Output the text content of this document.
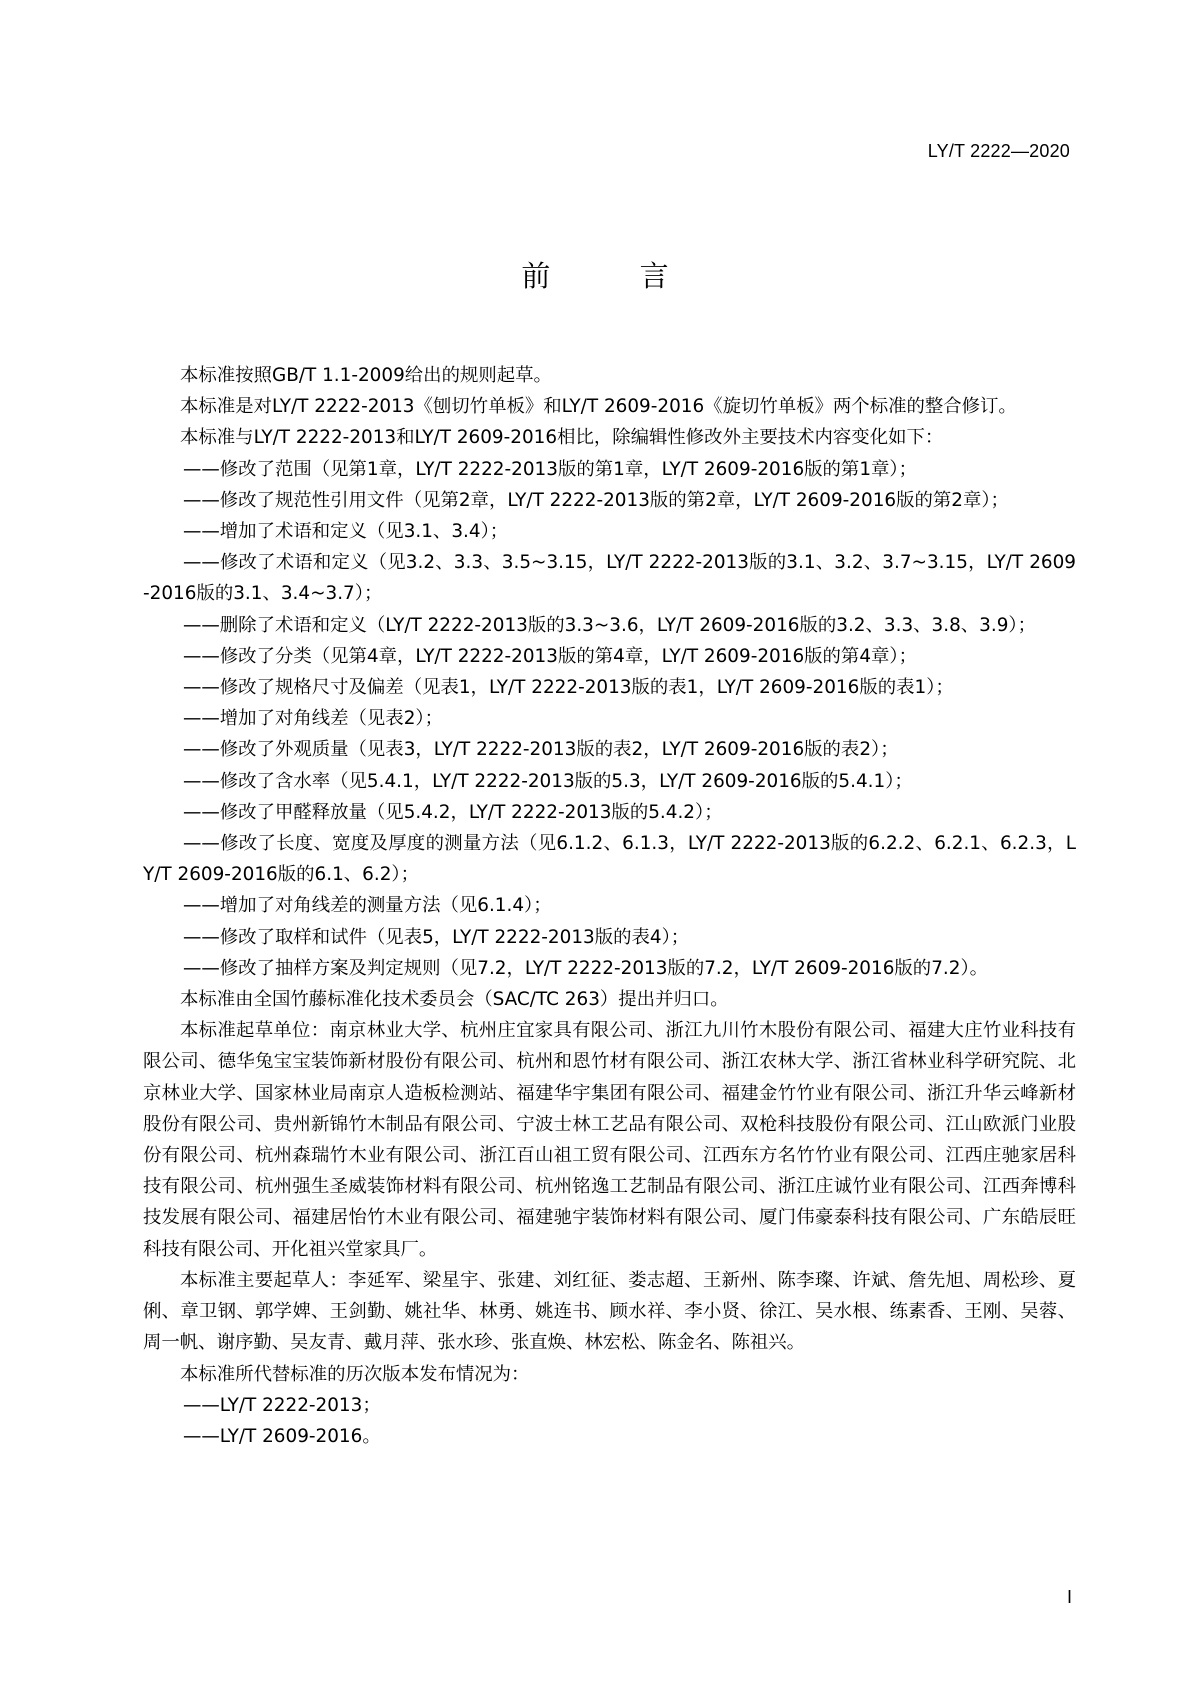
LY/T 2222—2020
前 言

本标准按照GB/T 1.1-2009给出的规则起草。

本标准是对LY/T 2222-2013《刨切竹单板》和LY/T 2609-2016《旋切竹单板》两个标准的整合修订。

本标准与LY/T 2222-2013和LY/T 2609-2016相比，除编辑性修改外主要技术内容变化如下：

——修改了范围（见第1章，LY/T 2222-2013版的第1章，LY/T 2609-2016版的第1章）；

——修改了规范性引用文件（见第2章，LY/T 2222-2013版的第2章，LY/T 2609-2016版的第2章）；

——增加了术语和定义（见3.1、3.4）；

——修改了术语和定义（见3.2、3.3、3.5~3.15，LY/T 2222-2013版的3.1、3.2、3.7~3.15，LY/T 2609-2016版的3.1、3.4~3.7）；

——删除了术语和定义（LY/T 2222-2013版的3.3~3.6，LY/T 2609-2016版的3.2、3.3、3.8、3.9）；

——修改了分类（见第4章，LY/T 2222-2013版的第4章，LY/T 2609-2016版的第4章）；

——修改了规格尺寸及偏差（见表1，LY/T 2222-2013版的表1，LY/T 2609-2016版的表1）；

——增加了对角线差（见表2）；

——修改了外观质量（见表3，LY/T 2222-2013版的表2，LY/T 2609-2016版的表2）；

——修改了含水率（见5.4.1，LY/T 2222-2013版的5.3，LY/T 2609-2016版的5.4.1）；

——修改了甲醛释放量（见5.4.2，LY/T 2222-2013版的5.4.2）；

——修改了长度、宽度及厚度的测量方法（见6.1.2、6.1.3，LY/T 2222-2013版的6.2.2、6.2.1、6.2.3，LY/T 2609-2016版的6.1、6.2）；

——增加了对角线差的测量方法（见6.1.4）；

——修改了取样和试件（见表5，LY/T 2222-2013版的表4）；

——修改了抽样方案及判定规则（见7.2，LY/T 2222-2013版的7.2，LY/T 2609-2016版的7.2）。

本标准由全国竹藤标准化技术委员会（SAC/TC 263）提出并归口。

本标准起草单位：南京林业大学、杭州庄宜家具有限公司、浙江九川竹木股份有限公司、福建大庄竹业科技有限公司、德华兔宝宝装饰新材股份有限公司、杭州和恩竹材有限公司、浙江农林大学、浙江省林业科学研究院、北京林业大学、国家林业局南京人造板检测站、福建华宇集团有限公司、福建金竹竹业有限公司、浙江升华云峰新材股份有限公司、贵州新锦竹木制品有限公司、宁波士林工艺品有限公司、双枪科技股份有限公司、江山欧派门业股份有限公司、杭州森瑞竹木业有限公司、浙江百山祖工贸有限公司、江西东方名竹竹业有限公司、江西庄驰家居科技有限公司、杭州强生圣威装饰材料有限公司、杭州铭逸工艺制品有限公司、浙江庄诚竹业有限公司、江西奔博科技发展有限公司、福建居怡竹木业有限公司、福建驰宇装饰材料有限公司、厦门伟豪泰科技有限公司、广东皓辰旺科技有限公司、开化祖兴堂家具厂。

本标准主要起草人：李延军、梁星宇、张建、刘红征、娄志超、王新州、陈李璨、许斌、詹先旭、周松珍、夏俐、章卫钢、郭学婢、王剑勤、姚社华、林勇、姚连书、顾水祥、李小贤、徐江、吴水根、练素香、王刚、吴蓉、周一帆、谢序勤、吴友青、戴月萍、张水珍、张直焕、林宏松、陈金名、陈祖兴。

本标准所代替标准的历次版本发布情况为：

——LY/T 2222-2013；

——LY/T 2609-2016。

I
